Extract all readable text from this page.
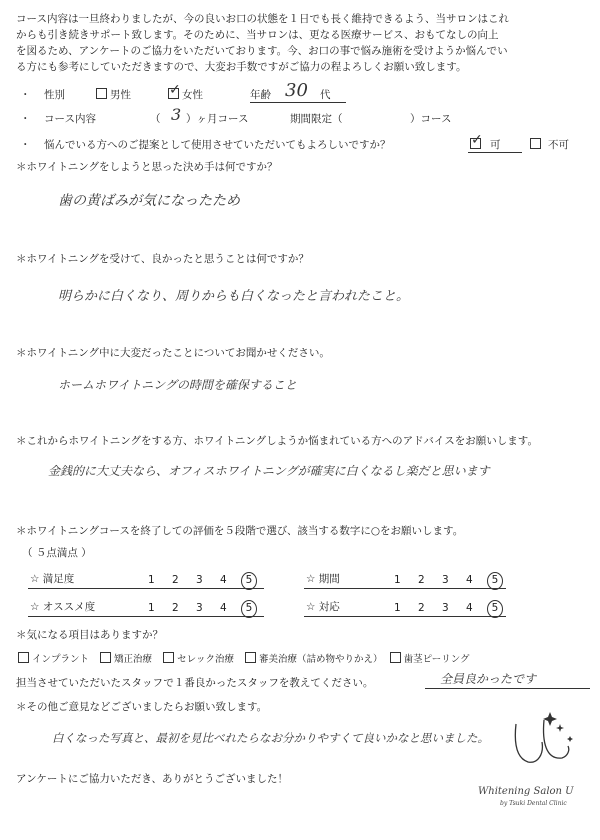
コース内容は一旦終わりましたが、今の良いお口の状態を１日でも長く維持できるよう、当サロンはこれ
からも引き続きサポート致します。そのために、当サロンは、更なる医療サービス、おもてなしの向上
を図るため、アンケートのご協力をいただいております。今、お口の事で悩み施術を受けようか悩んでい
る方にも参考にしていただきますので、大変お手数ですがご協力の程よろしくお願い致します。
・ 性別	男性	✓ 女性	年齢 30 代
・ コース内容	（ 3 ）ヶ月コース	期間限定（	）コース
・ 悩んでいる方へのご提案として使用させていただいてもよろしいですか？	✓ 可	不可
＊ホワイトニングをしようと思った決め手は何ですか？
歯の黄ばみが気になったため
＊ホワイトニングを受けて、良かったと思うことは何ですか？
明らかに白くなり、周りからも白くなったと言われたこと。
＊ホワイトニング中に大変だったことについてお聞かせください。
ホームホワイトニングの時間を確保すること
＊これからホワイトニングをする方、ホワイトニングしようか悩まれている方へのアドバイスをお願いします。
金銭的に大丈夫なら、オフィスホワイトニングが確実に白くなるし楽だと思います
＊ホワイトニングコースを終了しての評価を５段階で選び、該当する数字に○をお願いします。
（ ５点満点 ）
☆ 満足度	1 2 3 4 5	☆ 期間	1 2 3 4 5
☆ オススメ度	1 2 3 4 5	☆ 対応	1 2 3 4 5
＊気になる項目はありますか？
インプラント	矯正治療	セレック治療	審美治療（詰め物やりかえ） 歯茎ピーリング
担当させていただいたスタッフで１番良かったスタッフを教えてください。	全員良かったです
＊その他ご意見などございましたらお願い致します。
白くなった写真と、最初を見比べれたらなお分かりやすくて良いかなと思いました。
アンケートにご協力いただき、ありがとうございました！
Whitening Salon U
by Tsuki Dental Clinic
